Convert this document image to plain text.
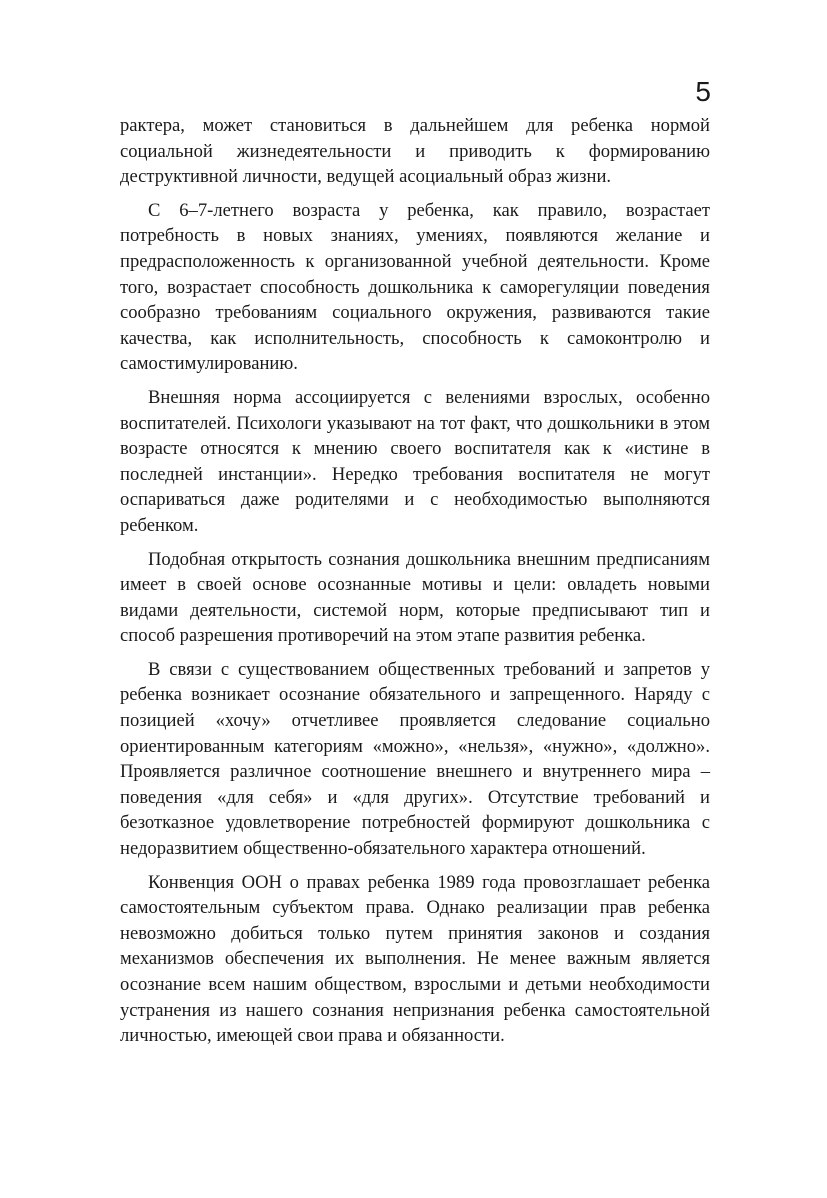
5

рактера, может становиться в дальнейшем для ребенка нормой социальной жизнедеятельности и приводить к формированию деструктивной личности, ведущей асоциальный образ жизни.

С 6–7-летнего возраста у ребенка, как правило, возрастает потребность в новых знаниях, умениях, появляются желание и предрасположенность к организованной учебной деятельности. Кроме того, возрастает способность дошкольника к саморегуляции поведения сообразно требованиям социального окружения, развиваются такие качества, как исполнительность, способность к самоконтролю и самостимулированию.

Внешняя норма ассоциируется с велениями взрослых, особенно воспитателей. Психологи указывают на тот факт, что дошкольники в этом возрасте относятся к мнению своего воспитателя как к «истине в последней инстанции». Нередко требования воспитателя не могут оспариваться даже родителями и с необходимостью выполняются ребенком.

Подобная открытость сознания дошкольника внешним предписаниям имеет в своей основе осознанные мотивы и цели: овладеть новыми видами деятельности, системой норм, которые предписывают тип и способ разрешения противоречий на этом этапе развития ребенка.

В связи с существованием общественных требований и запретов у ребенка возникает осознание обязательного и запрещенного. Наряду с позицией «хочу» отчетливее проявляется следование социально ориентированным категориям «можно», «нельзя», «нужно», «должно». Проявляется различное соотношение внешнего и внутреннего мира – поведения «для себя» и «для других». Отсутствие требований и безотказное удовлетворение потребностей формируют дошкольника с недоразвитием общественно-обязательного характера отношений.

Конвенция ООН о правах ребенка 1989 года провозглашает ребенка самостоятельным субъектом права. Однако реализации прав ребенка невозможно добиться только путем принятия законов и создания механизмов обеспечения их выполнения. Не менее важным является осознание всем нашим обществом, взрослыми и детьми необходимости устранения из нашего сознания непризнания ребенка самостоятельной личностью, имеющей свои права и обязанности.
